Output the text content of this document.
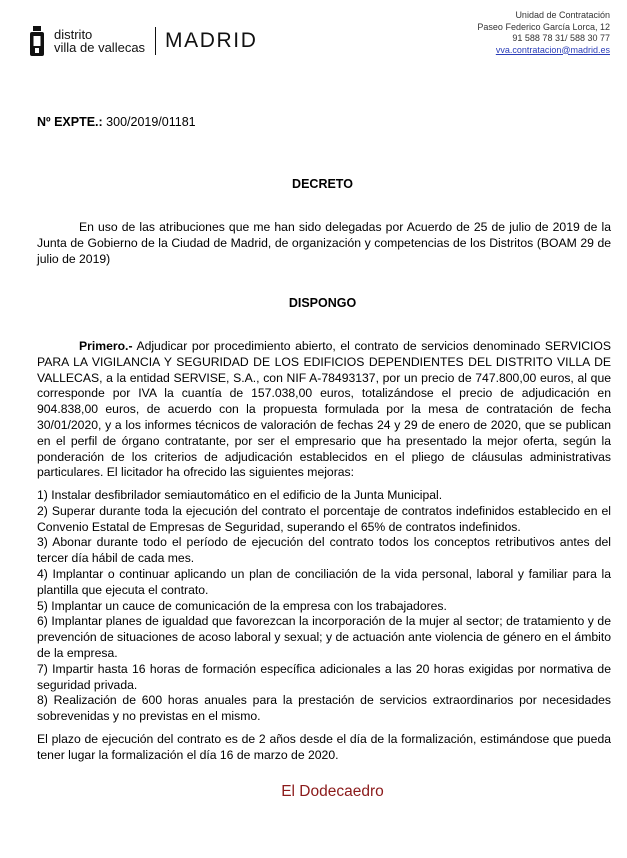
distrito
villa de vallecas MADRID
Unidad de Contratación
Paseo Federico García Lorca, 12
91 588 78 31/ 588 30 77
vva.contratacion@madrid.es
Nº EXPTE.: 300/2019/01181
DECRETO
En uso de las atribuciones que me han sido delegadas por Acuerdo de 25 de julio de 2019 de la Junta de Gobierno de la Ciudad de Madrid, de organización y competencias de los Distritos (BOAM 29 de julio de 2019)
DISPONGO
Primero.- Adjudicar por procedimiento abierto, el contrato de servicios denominado SERVICIOS PARA LA VIGILANCIA Y SEGURIDAD DE LOS EDIFICIOS DEPENDIENTES DEL DISTRITO VILLA DE VALLECAS, a la entidad SERVISE, S.A., con NIF A-78493137, por un precio de 747.800,00 euros, al que corresponde por IVA la cuantía de 157.038,00 euros, totalizándose el precio de adjudicación en 904.838,00 euros, de acuerdo con la propuesta formulada por la mesa de contratación de fecha 30/01/2020, y a los informes técnicos de valoración de fechas 24 y 29 de enero de 2020, que se publican en el perfil de órgano contratante, por ser el empresario que ha presentado la mejor oferta, según la ponderación de los criterios de adjudicación establecidos en el pliego de cláusulas administrativas particulares. El licitador ha ofrecido las siguientes mejoras:
1) Instalar desfibrilador semiautomático en el edificio de la Junta Municipal.
2) Superar durante toda la ejecución del contrato el porcentaje de contratos indefinidos establecido en el Convenio Estatal de Empresas de Seguridad, superando el 65% de contratos indefinidos.
3) Abonar durante todo el período de ejecución del contrato todos los conceptos retributivos antes del tercer día hábil de cada mes.
4) Implantar o continuar aplicando un plan de conciliación de la vida personal, laboral y familiar para la plantilla que ejecuta el contrato.
5) Implantar un cauce de comunicación de la empresa con los trabajadores.
6) Implantar planes de igualdad que favorezcan la incorporación de la mujer al sector; de tratamiento y de prevención de situaciones de acoso laboral y sexual; y de actuación ante violencia de género en el ámbito de la empresa.
7) Impartir hasta 16 horas de formación específica adicionales a las 20 horas exigidas por normativa de seguridad privada.
8) Realización de 600 horas anuales para la prestación de servicios extraordinarios por necesidades sobrevenidas y no previstas en el mismo.
El plazo de ejecución del contrato es de 2 años desde el día de la formalización, estimándose que pueda tener lugar la formalización el día 16 de marzo de 2020.
El Dodecaedro
